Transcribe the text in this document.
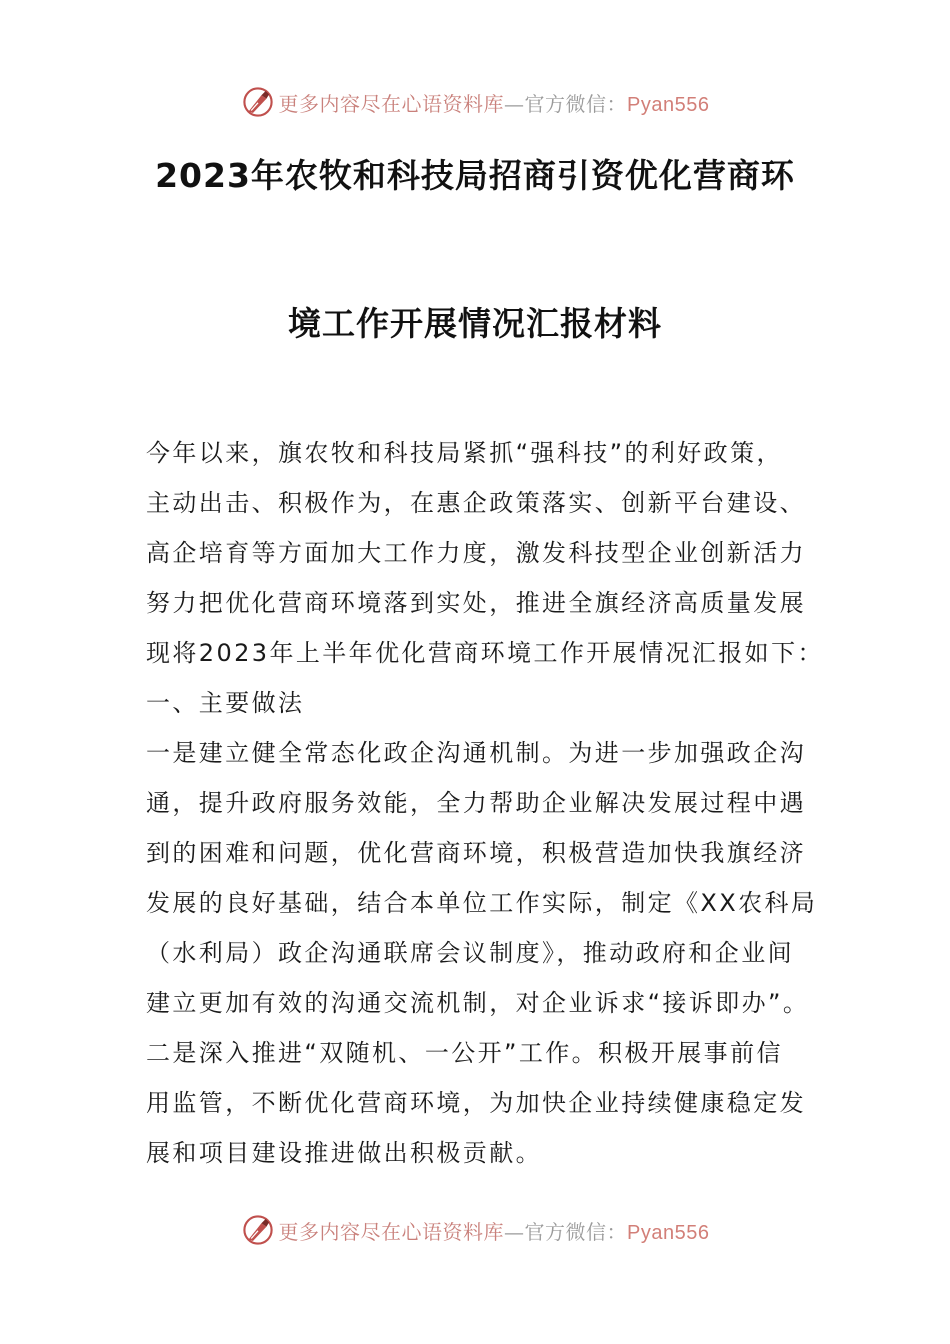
更多内容尽在心语资料库—官方微信：Pyan556
2023年农牧和科技局招商引资优化营商环
境工作开展情况汇报材料
今年以来，旗农牧和科技局紧抓“强科技”的利好政策，
主动出击、积极作为，在惠企政策落实、创新平台建设、
高企培育等方面加大工作力度，激发科技型企业创新活力
努力把优化营商环境落到实处，推进全旗经济高质量发展
现将2023年上半年优化营商环境工作开展情况汇报如下：
一、主要做法
一是建立健全常态化政企沟通机制。为进一步加强政企沟
通，提升政府服务效能，全力帮助企业解决发展过程中遇
到的困难和问题，优化营商环境，积极营造加快我旗经济
发展的良好基础，结合本单位工作实际，制定《XX农科局
（水利局）政企沟通联席会议制度》，推动政府和企业间
建立更加有效的沟通交流机制，对企业诉求“接诉即办”。
二是深入推进“双随机、一公开”工作。积极开展事前信
用监管，不断优化营商环境，为加快企业持续健康稳定发
展和项目建设推进做出积极贡献。
更多内容尽在心语资料库—官方微信：Pyan556
